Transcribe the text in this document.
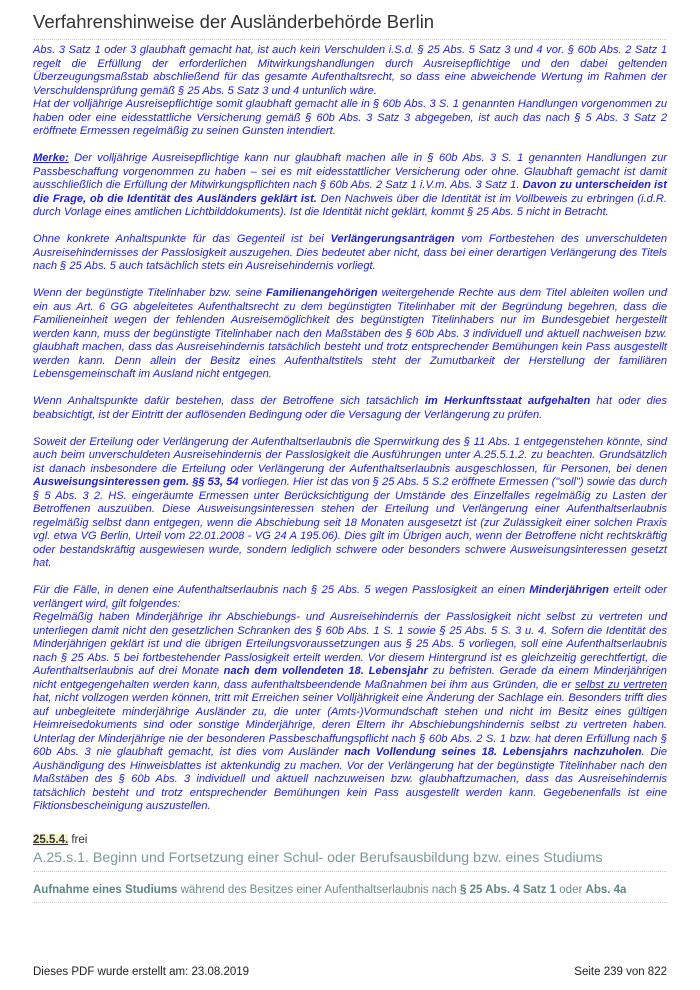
Verfahrenshinweise der Ausländerbehörde Berlin

Abs. 3 Satz 1 oder 3 glaubhaft gemacht hat, ist auch kein Verschulden i.S.d. § 25 Abs. 5 Satz 3 und 4 vor. § 60b Abs. 2 Satz 1 regelt die Erfüllung der erforderlichen Mitwirkungshandlungen durch Ausreisepflichtige und den dabei geltenden Überzeugungsmaßstab abschließend für das gesamte Aufenthaltsrecht, so dass eine abweichende Wertung im Rahmen der Verschuldensprüfung gemäß § 25 Abs. 5 Satz 3 und 4 untunlich wäre.

Hat der volljährige Ausreisepflichtige somit glaubhaft gemacht alle in § 60b Abs. 3 S. 1 genannten Handlungen vorgenommen zu haben oder eine eidesstattliche Versicherung gemäß § 60b Abs. 3 Satz 3 abgegeben, ist auch das nach § 5 Abs. 3 Satz 2 eröffnete Ermessen regelmäßig zu seinen Gunsten intendiert.

Merke: Der volljährige Ausreisepflichtige kann nur glaubhaft machen alle in § 60b Abs. 3 S. 1 genannten Handlungen zur Passbeschaffung vorgenommen zu haben – sei es mit eidesstattlicher Versicherung oder ohne. Glaubhaft gemacht ist damit ausschließlich die Erfüllung der Mitwirkungspflichten nach § 60b Abs. 2 Satz 1 i.V.m. Abs. 3 Satz 1. Davon zu unterscheiden ist die Frage, ob die Identität des Ausländers geklärt ist. Den Nachweis über die Identität ist im Vollbeweis zu erbringen (i.d.R. durch Vorlage eines amtlichen Lichtbilddokuments). Ist die Identität nicht geklärt, kommt § 25 Abs. 5 nicht in Betracht.

Ohne konkrete Anhaltspunkte für das Gegenteil ist bei Verlängerungsanträgen vom Fortbestehen des unverschuldeten Ausreisehindernisses der Passlosigkeit auszugehen. Dies bedeutet aber nicht, dass bei einer derartigen Verlängerung des Titels nach § 25 Abs. 5 auch tatsächlich stets ein Ausreisehindernis vorliegt.

Wenn der begünstigte Titelinhaber bzw. seine Familienangehörigen weitergehende Rechte aus dem Titel ableiten wollen und ein aus Art. 6 GG abgeleitetes Aufenthaltsrecht zu dem begünstigten Titelinhaber mit der Begründung begehren, dass die Familieneinheit wegen der fehlenden Ausreisemöglichkeit des begünstigten Titelinhabers nur im Bundesgebiet hergestellt werden kann, muss der begünstigte Titelinhaber nach den Maßstäben des § 60b Abs. 3 individuell und aktuell nachweisen bzw. glaubhaft machen, dass das Ausreisehindernis tatsächlich besteht und trotz entsprechender Bemühungen kein Pass ausgestellt werden kann. Denn allein der Besitz eines Aufenthaltstitels steht der Zumutbarkeit der Herstellung der familiären Lebensgemeinschaft im Ausland nicht entgegen.

Wenn Anhaltspunkte dafür bestehen, dass der Betroffene sich tatsächlich im Herkunftsstaat aufgehalten hat oder dies beabsichtigt, ist der Eintritt der auflösenden Bedingung oder die Versagung der Verlängerung zu prüfen.

Soweit der Erteilung oder Verlängerung der Aufenthaltserlaubnis die Sperrwirkung des § 11 Abs. 1 entgegenstehen könnte, sind auch beim unverschuldeten Ausreisehindernis der Passlosigkeit die Ausführungen unter A.25.5.1.2. zu beachten. Grundsätzlich ist danach insbesondere die Erteilung oder Verlängerung der Aufenthaltserlaubnis ausgeschlossen, für Personen, bei denen Ausweisungsinteressen gem. §§ 53, 54 vorliegen. Hier ist das von § 25 Abs. 5 S.2 eröffnete Ermessen ("soll") sowie das durch § 5 Abs. 3 2. HS. eingeräumte Ermessen unter Berücksichtigung der Umstände des Einzelfalles regelmäßig zu Lasten der Betroffenen auszuüben. Diese Ausweisungsinteressen stehen der Erteilung und Verlängerung einer Aufenthaltserlaubnis regelmäßig selbst dann entgegen, wenn die Abschiebung seit 18 Monaten ausgesetzt ist (zur Zulässigkeit einer solchen Praxis vgl. etwa VG Berlin, Urteil vom 22.01.2008 - VG 24 A 195.06). Dies gilt im Übrigen auch, wenn der Betroffene nicht rechtskräftig oder bestandskräftig ausgewiesen wurde, sondern lediglich schwere oder besonders schwere Ausweisungsinteressen gesetzt hat.

Für die Fälle, in denen eine Aufenthaltserlaubnis nach § 25 Abs. 5 wegen Passlosigkeit an einen Minderjährigen erteilt oder verlängert wird, gilt folgendes:

Regelmäßig haben Minderjährige ihr Abschiebungs- und Ausreisehindernis der Passlosigkeit nicht selbst zu vertreten und unterliegen damit nicht den gesetzlichen Schranken des § 60b Abs. 1 S. 1 sowie § 25 Abs. 5 S. 3 u. 4. Sofern die Identität des Minderjährigen geklärt ist und die übrigen Erteilungsvoraussetzungen aus § 25 Abs. 5 vorliegen, soll eine Aufenthaltserlaubnis nach § 25 Abs. 5 bei fortbestehender Passlosigkeit erteilt werden. Vor diesem Hintergrund ist es gleichzeitig gerechtfertigt, die Aufenthaltserlaubnis auf drei Monate nach dem vollendeten 18. Lebensjahr zu befristen. Gerade da einem Minderjährigen nicht entgegengehalten werden kann, dass aufenthaltsbeendende Maßnahmen bei ihm aus Gründen, die er selbst zu vertreten hat, nicht vollzogen werden können, tritt mit Erreichen seiner Volljährigkeit eine Änderung der Sachlage ein. Besonders trifft dies auf unbegleitete minderjährige Ausländer zu, die unter (Amts-)Vormundschaft stehen und nicht im Besitz eines gültigen Heimreisedokuments sind oder sonstige Minderjährige, deren Eltern ihr Abschiebungshindernis selbst zu vertreten haben. Unterlag der Minderjährige nie der besonderen Passbeschaffungspflicht nach § 60b Abs. 2 S. 1 bzw. hat deren Erfüllung nach § 60b Abs. 3 nie glaubhaft gemacht, ist dies vom Ausländer nach Vollendung seines 18. Lebensjahrs nachzuholen. Die Aushändigung des Hinweisblattes ist aktenkundig zu machen. Vor der Verlängerung hat der begünstigte Titelinhaber nach den Maßstäben des § 60b Abs. 3 individuell und aktuell nachzuweisen bzw. glaubhaftzumachen, dass das Ausreisehindernis tatsächlich besteht und trotz entsprechender Bemühungen kein Pass ausgestellt werden kann. Gegebenenfalls ist eine Fiktionsbescheinigung auszustellen.

25.5.4. frei
A.25.s.1. Beginn und Fortsetzung einer Schul- oder Berufsausbildung bzw. eines Studiums
Aufnahme eines Studiums während des Besitzes einer Aufenthaltserlaubnis nach § 25 Abs. 4 Satz 1 oder Abs. 4a
Dieses PDF wurde erstellt am: 23.08.2019	Seite 239 von 822
